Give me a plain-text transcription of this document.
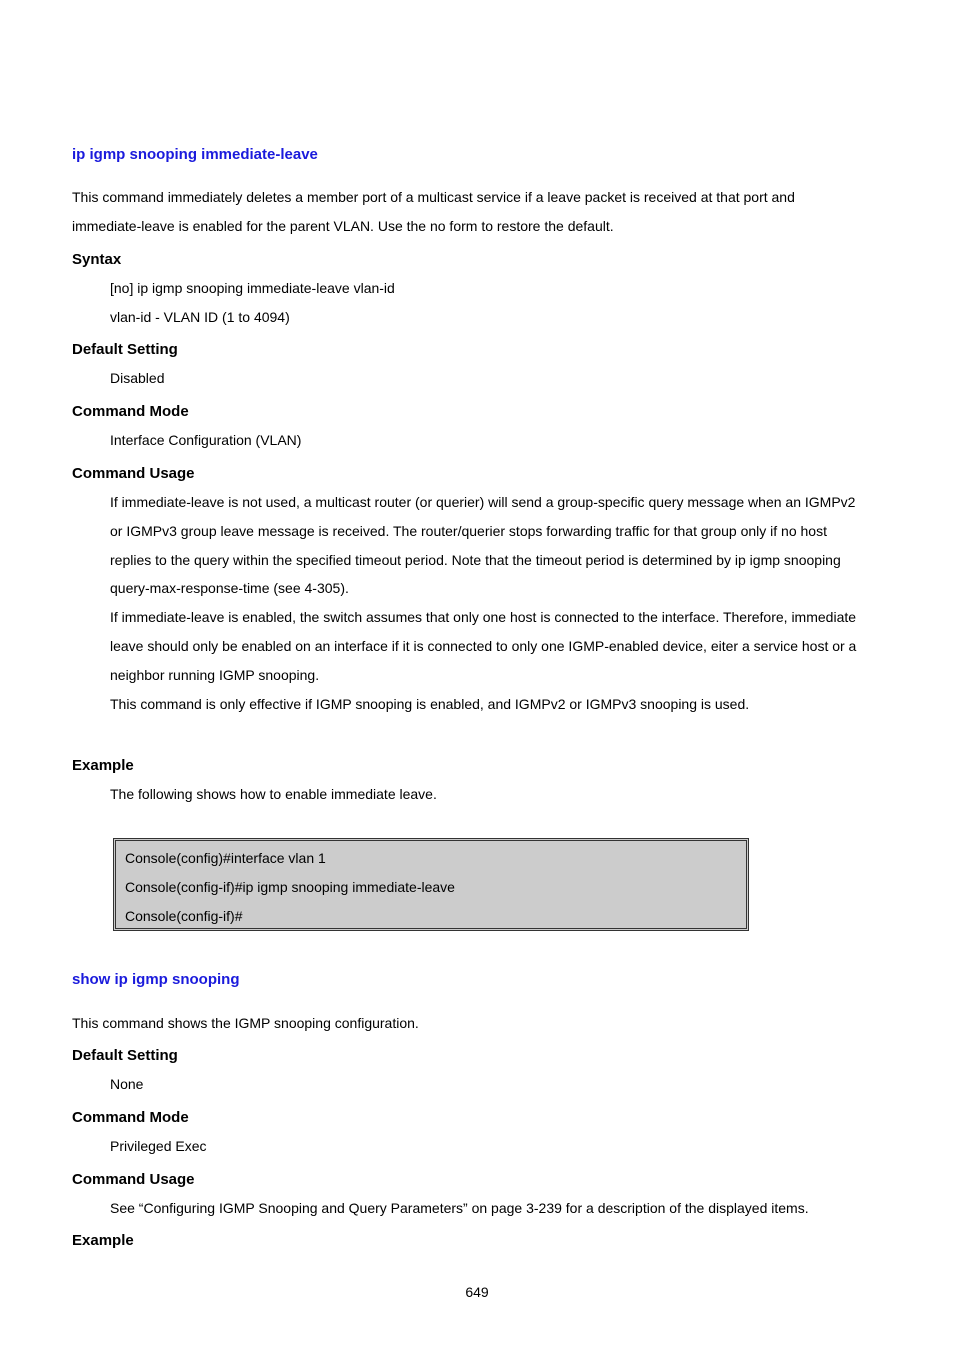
ip igmp snooping immediate-leave
This command immediately deletes a member port of a multicast service if a leave packet is received at that port and
immediate-leave is enabled for the parent VLAN. Use the no form to restore the default.
Syntax
[no] ip igmp snooping immediate-leave vlan-id
vlan-id - VLAN ID (1 to 4094)
Default Setting
Disabled
Command Mode
Interface Configuration (VLAN)
Command Usage
If immediate-leave is not used, a multicast router (or querier) will send a group-specific query message when an IGMPv2
or IGMPv3 group leave message is received. The router/querier stops forwarding traffic for that group only if no host
replies to the query within the specified timeout period. Note that the timeout period is determined by ip igmp snooping
query-max-response-time (see 4-305).
If immediate-leave is enabled, the switch assumes that only one host is connected to the interface. Therefore, immediate
leave should only be enabled on an interface if it is connected to only one IGMP-enabled device, eiter a service host or a
neighbor running IGMP snooping.
This command is only effective if IGMP snooping is enabled, and IGMPv2 or IGMPv3 snooping is used.
Example
The following shows how to enable immediate leave.
Console(config)#interface vlan 1
Console(config-if)#ip igmp snooping immediate-leave
Console(config-if)#
show ip igmp snooping
This command shows the IGMP snooping configuration.
Default Setting
None
Command Mode
Privileged Exec
Command Usage
See “Configuring IGMP Snooping and Query Parameters” on page 3-239 for a description of the displayed items.
Example
649
